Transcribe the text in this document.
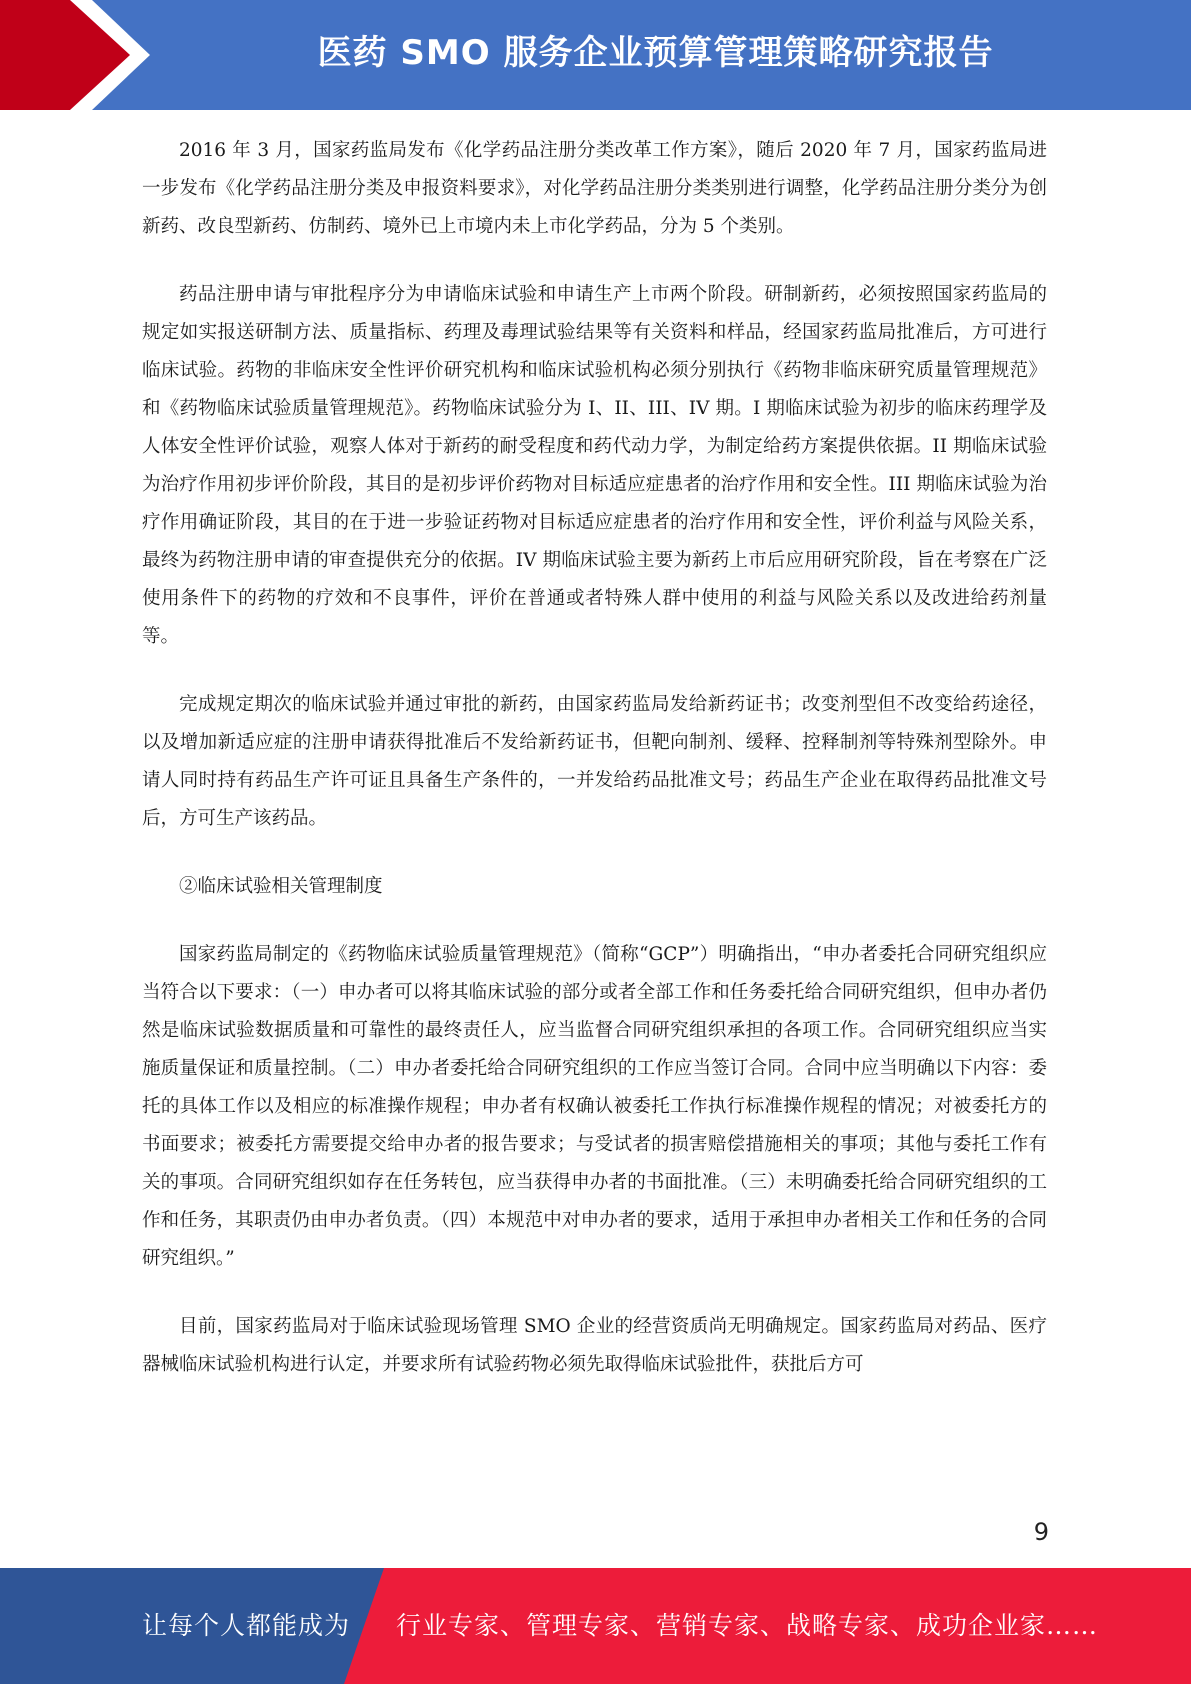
医药 SMO 服务企业预算管理策略研究报告

2016 年 3 月，国家药监局发布《化学药品注册分类改革工作方案》，随后 2020 年 7 月，国家药监局进一步发布《化学药品注册分类及申报资料要求》，对化学药品注册分类类别进行调整，化学药品注册分类分为创新药、改良型新药、仿制药、境外已上市境内未上市化学药品，分为 5 个类别。

药品注册申请与审批程序分为申请临床试验和申请生产上市两个阶段。研制新药，必须按照国家药监局的规定如实报送研制方法、质量指标、药理及毒理试验结果等有关资料和样品，经国家药监局批准后，方可进行临床试验。药物的非临床安全性评价研究机构和临床试验机构必须分别执行《药物非临床研究质量管理规范》和《药物临床试验质量管理规范》。药物临床试验分为 I、II、III、IV 期。I 期临床试验为初步的临床药理学及人体安全性评价试验，观察人体对于新药的耐受程度和药代动力学，为制定给药方案提供依据。II 期临床试验为治疗作用初步评价阶段，其目的是初步评价药物对目标适应症患者的治疗作用和安全性。III 期临床试验为治疗作用确证阶段，其目的在于进一步验证药物对目标适应症患者的治疗作用和安全性，评价利益与风险关系，最终为药物注册申请的审查提供充分的依据。IV 期临床试验主要为新药上市后应用研究阶段，旨在考察在广泛使用条件下的药物的疗效和不良事件，评价在普通或者特殊人群中使用的利益与风险关系以及改进给药剂量等。

完成规定期次的临床试验并通过审批的新药，由国家药监局发给新药证书；改变剂型但不改变给药途径，以及增加新适应症的注册申请获得批准后不发给新药证书，但靶向制剂、缓释、控释制剂等特殊剂型除外。申请人同时持有药品生产许可证且具备生产条件的，一并发给药品批准文号；药品生产企业在取得药品批准文号后，方可生产该药品。

②临床试验相关管理制度

国家药监局制定的《药物临床试验质量管理规范》（简称“GCP”）明确指出，“申办者委托合同研究组织应当符合以下要求：（一）申办者可以将其临床试验的部分或者全部工作和任务委托给合同研究组织，但申办者仍然是临床试验数据质量和可靠性的最终责任人，应当监督合同研究组织承担的各项工作。合同研究组织应当实施质量保证和质量控制。（二）申办者委托给合同研究组织的工作应当签订合同。合同中应当明确以下内容：委托的具体工作以及相应的标准操作规程；申办者有权确认被委托工作执行标准操作规程的情况；对被委托方的书面要求；被委托方需要提交给申办者的报告要求；与受试者的损害赔偿措施相关的事项；其他与委托工作有关的事项。合同研究组织如存在任务转包，应当获得申办者的书面批准。（三）未明确委托给合同研究组织的工作和任务，其职责仍由申办者负责。（四）本规范中对申办者的要求，适用于承担申办者相关工作和任务的合同研究组织。”

目前，国家药监局对于临床试验现场管理 SMO 企业的经营资质尚无明确规定。国家药监局对药品、医疗器械临床试验机构进行认定，并要求所有试验药物必须先取得临床试验批件，获批后方可

9
让每个人都能成为 行业专家、管理专家、营销专家、战略专家、成功企业家……
